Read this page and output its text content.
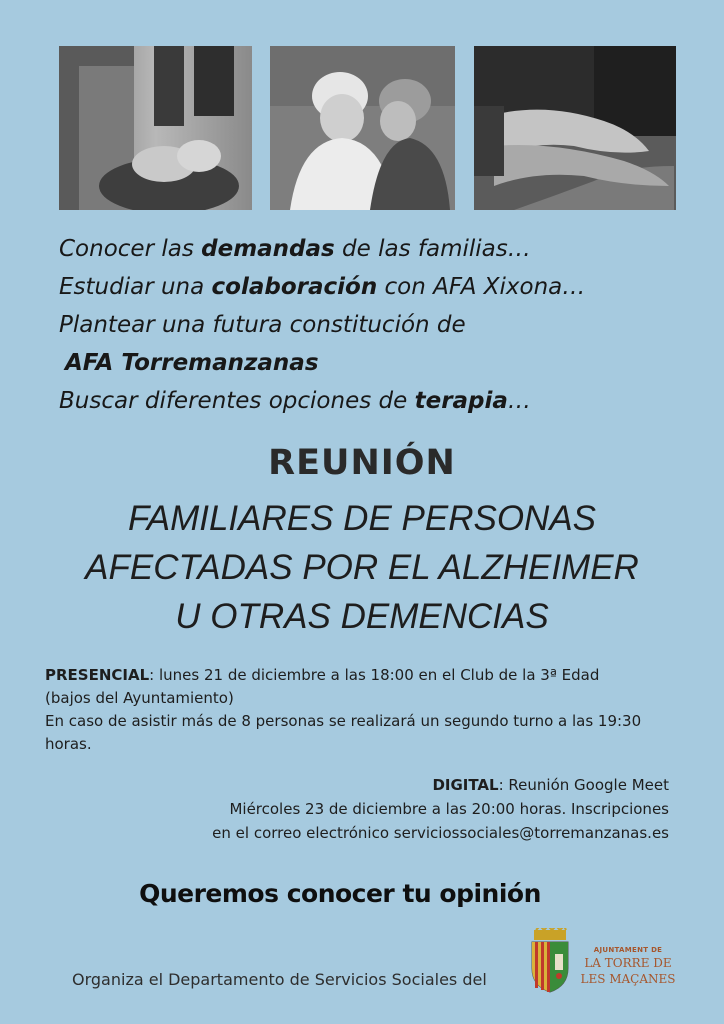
Conocer las demandas de las familias…
Estudiar una colaboración con AFA Xixona…
Plantear una futura constitución de
AFA Torremanzanas
Buscar diferentes opciones de terapia…
REUNIÓN
FAMILIARES DE PERSONAS
AFECTADAS POR EL ALZHEIMER
U OTRAS DEMENCIAS
PRESENCIAL: lunes 21 de diciembre a las 18:00 en el Club de la 3ª Edad
(bajos del Ayuntamiento)
En caso de asistir más de 8 personas se realizará un segundo turno a las 19:30 horas.
DIGITAL: Reunión Google Meet
Miércoles 23 de diciembre a las 20:00 horas. Inscripciones
en el correo electrónico serviciossociales@torremanzanas.es
Queremos conocer tu opinión
Organiza el Departamento de Servicios Sociales del
AJUNTAMENT DE
LA TORRE DE
LES MAÇANES
